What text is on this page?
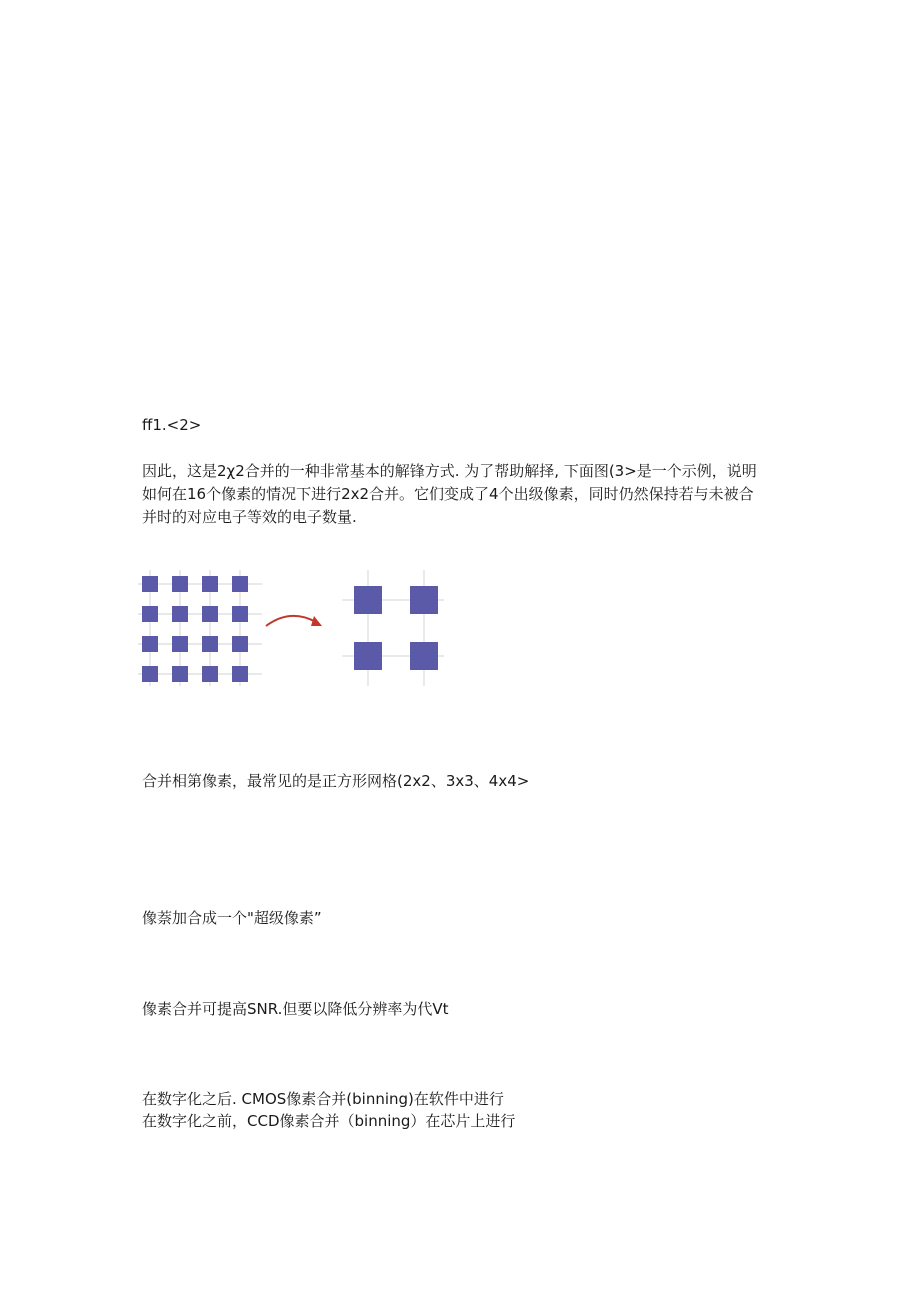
ff1.<2>
因此，这是2χ2合并的一种非常基本的解锋方式. 为了帮助解择, 下面图(3>是一个示例，说明
如何在16个像素的情况下进行2x2合并。它们变成了4个出级像素，同时仍然保持若与未被合
并时的对应电子等效的电子数量.
合并相第像素，最常见的是正方形网格(2x2、3x3、4x4>
像萘加合成一个"超级像素”
像素合并可提高SNR.但要以降低分辨率为代Vt
在数字化之后. CMOS像素合并(binning)在软件中进行
在数字化之前，CCD像素合并（binning）在芯片上进行
